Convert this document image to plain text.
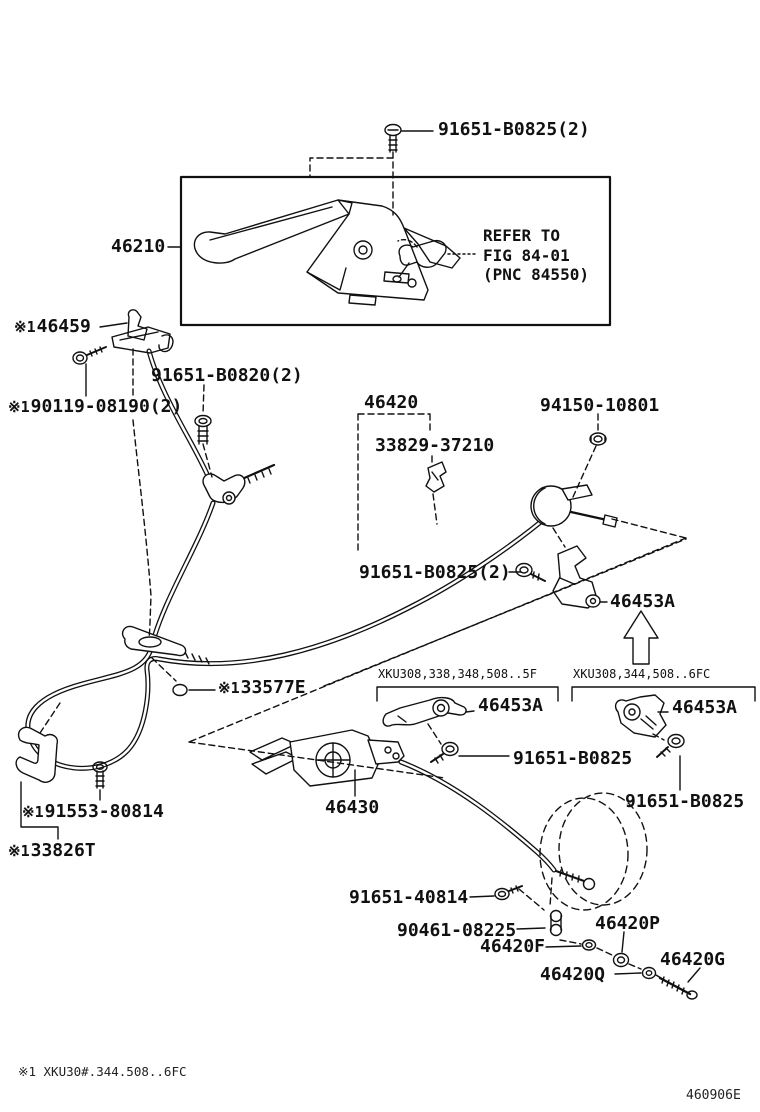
91651-B0825(2)
46210
REFER TO
FIG 84-01
(PNC 84550)
※146459
91651-B0820(2)
※190119-08190(2)	46420
33829-37210
94150-10801
91651-B0825(2)
46453A
XKU308,338,348,508..5F	XKU308,344,508..6FC
46453A	46453A
91651-B0825
91651-B0825
46430
※133577E
※191553-80814
※133826T
91651-40814
90461-08225
46420F
46420P
46420Q
46420G
※1 XKU30#.344.508..6FC
460906E
